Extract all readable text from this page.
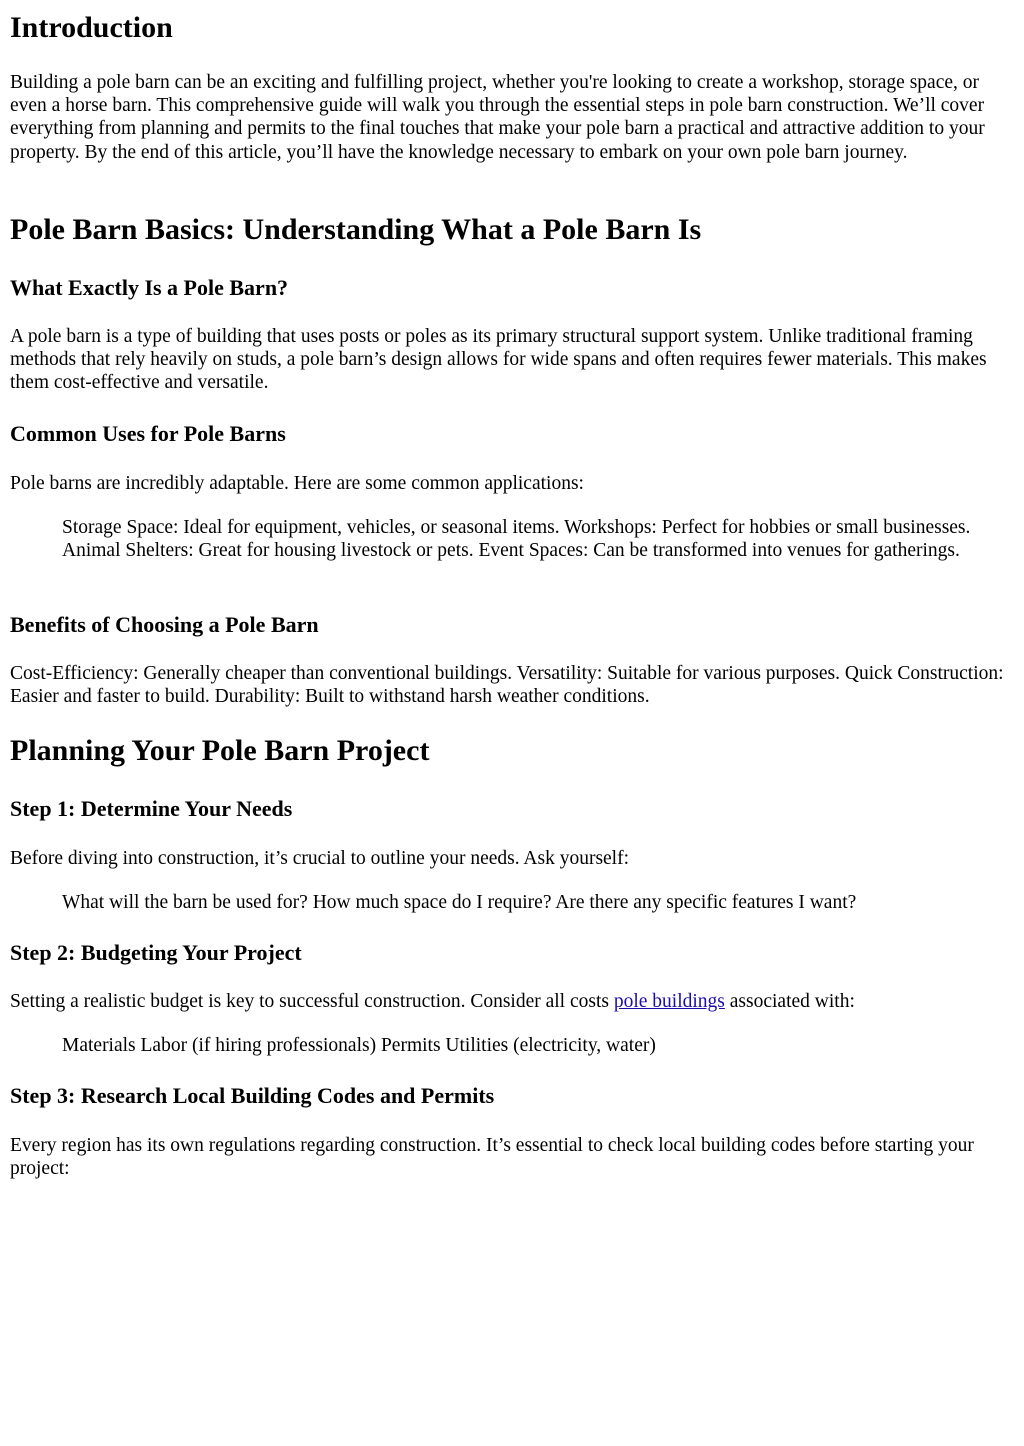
Introduction

Building a pole barn can be an exciting and fulfilling project, whether you're looking to create a workshop, storage space, or even a horse barn. This comprehensive guide will walk you through the essential steps in pole barn construction. We’ll cover everything from planning and permits to the final touches that make your pole barn a practical and attractive addition to your property. By the end of this article, you’ll have the knowledge necessary to embark on your own pole barn journey.

Pole Barn Basics: Understanding What a Pole Barn Is
What Exactly Is a Pole Barn?

A pole barn is a type of building that uses posts or poles as its primary structural support system. Unlike traditional framing methods that rely heavily on studs, a pole barn’s design allows for wide spans and often requires fewer materials. This makes them cost-effective and versatile.

Common Uses for Pole Barns

Pole barns are incredibly adaptable. Here are some common applications:

Storage Space: Ideal for equipment, vehicles, or seasonal items. Workshops: Perfect for hobbies or small businesses. Animal Shelters: Great for housing livestock or pets. Event Spaces: Can be transformed into venues for gatherings.
Benefits of Choosing a Pole Barn

Cost-Efficiency: Generally cheaper than conventional buildings. Versatility: Suitable for various purposes. Quick Construction: Easier and faster to build. Durability: Built to withstand harsh weather conditions.

Planning Your Pole Barn Project
Step 1: Determine Your Needs

Before diving into construction, it’s crucial to outline your needs. Ask yourself:

What will the barn be used for? How much space do I require? Are there any specific features I want?
Step 2: Budgeting Your Project

Setting a realistic budget is key to successful construction. Consider all costs pole buildings associated with:

Materials Labor (if hiring professionals) Permits Utilities (electricity, water)
Step 3: Research Local Building Codes and Permits

Every region has its own regulations regarding construction. It’s essential to check local building codes before starting your project:
